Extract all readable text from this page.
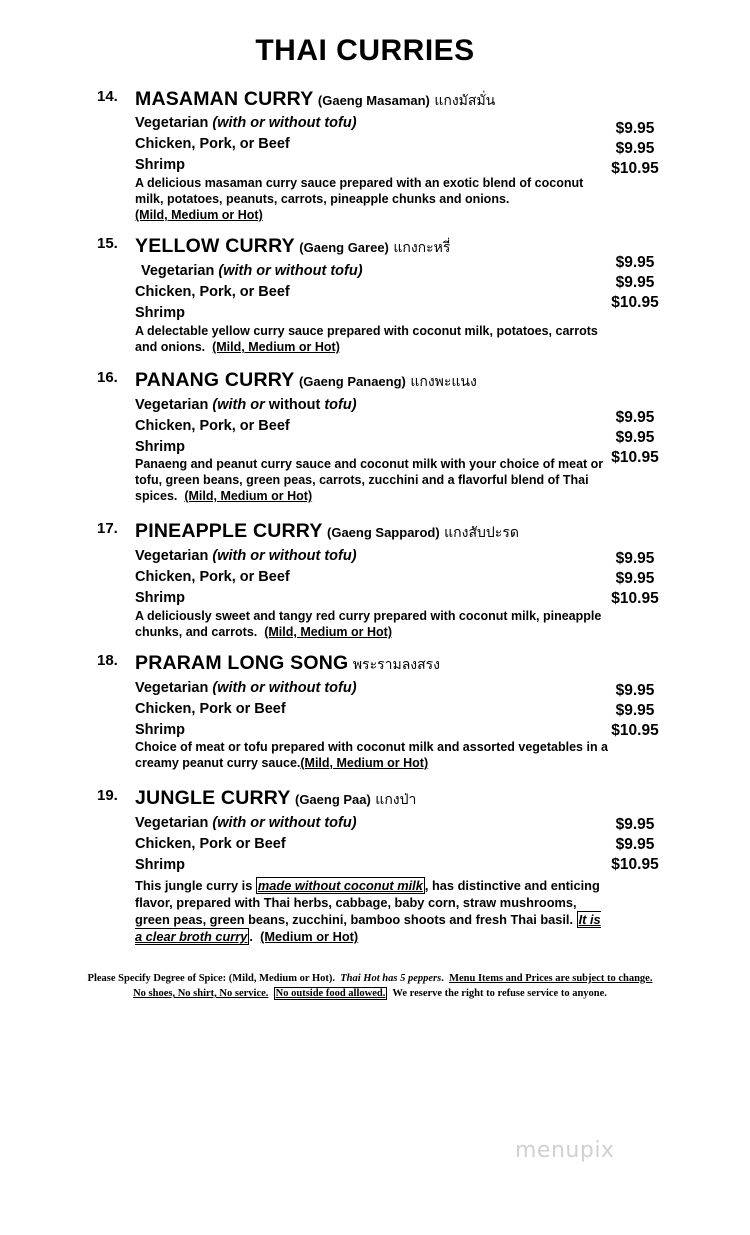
THAI CURRIES
14. MASAMAN CURRY (Gaeng Masaman) แกงมัสมั่น
Vegetarian (with or without tofu)
Chicken, Pork, or Beef
Shrimp
$9.95
$9.95
$10.95
A delicious masaman curry sauce prepared with an exotic blend of coconut milk, potatoes, peanuts, carrots, pineapple chunks and onions.
(Mild, Medium or Hot)
15. YELLOW CURRY (Gaeng Garee) แกงกะหรี่
Vegetarian (with or without tofu)
Chicken, Pork, or Beef
Shrimp
$9.95
$9.95
$10.95
A delectable yellow curry sauce prepared with coconut milk, potatoes, carrots and onions. (Mild, Medium or Hot)
16. PANANG CURRY (Gaeng Panaeng) แกงพะแนง
Vegetarian (with or without tofu)
Chicken, Pork, or Beef
Shrimp
$9.95
$9.95
$10.95
Panaeng and peanut curry sauce and coconut milk with your choice of meat or tofu, green beans, green peas, carrots, zucchini and a flavorful blend of Thai spices. (Mild, Medium or Hot)
17. PINEAPPLE CURRY (Gaeng Sapparod) แกงสับปะรด
Vegetarian (with or without tofu)
Chicken, Pork, or Beef
Shrimp
$9.95
$9.95
$10.95
A deliciously sweet and tangy red curry prepared with coconut milk, pineapple chunks, and carrots. (Mild, Medium or Hot)
18. PRARAM LONG SONG พระรามลงสรง
Vegetarian (with or without tofu)
Chicken, Pork or Beef
Shrimp
$9.95
$9.95
$10.95
Choice of meat or tofu prepared with coconut milk and assorted vegetables in a creamy peanut curry sauce.(Mild, Medium or Hot)
19. JUNGLE CURRY (Gaeng Paa) แกงป่า
Vegetarian (with or without tofu)
Chicken, Pork or Beef
Shrimp
$9.95
$9.95
$10.95
This jungle curry is made without coconut milk , has distinctive and enticing flavor, prepared with Thai herbs, cabbage, baby corn, straw mushrooms, green peas, green beans, zucchini, bamboo shoots and fresh Thai basil. It is a clear broth curry . (Medium or Hot)
Please Specify Degree of Spice: (Mild, Medium or Hot). Thai Hot has 5 peppers. Menu Items and Prices are subject to change.
No shoes, No shirt, No service. No outside food allowed. We reserve the right to refuse service to anyone.
menupix
